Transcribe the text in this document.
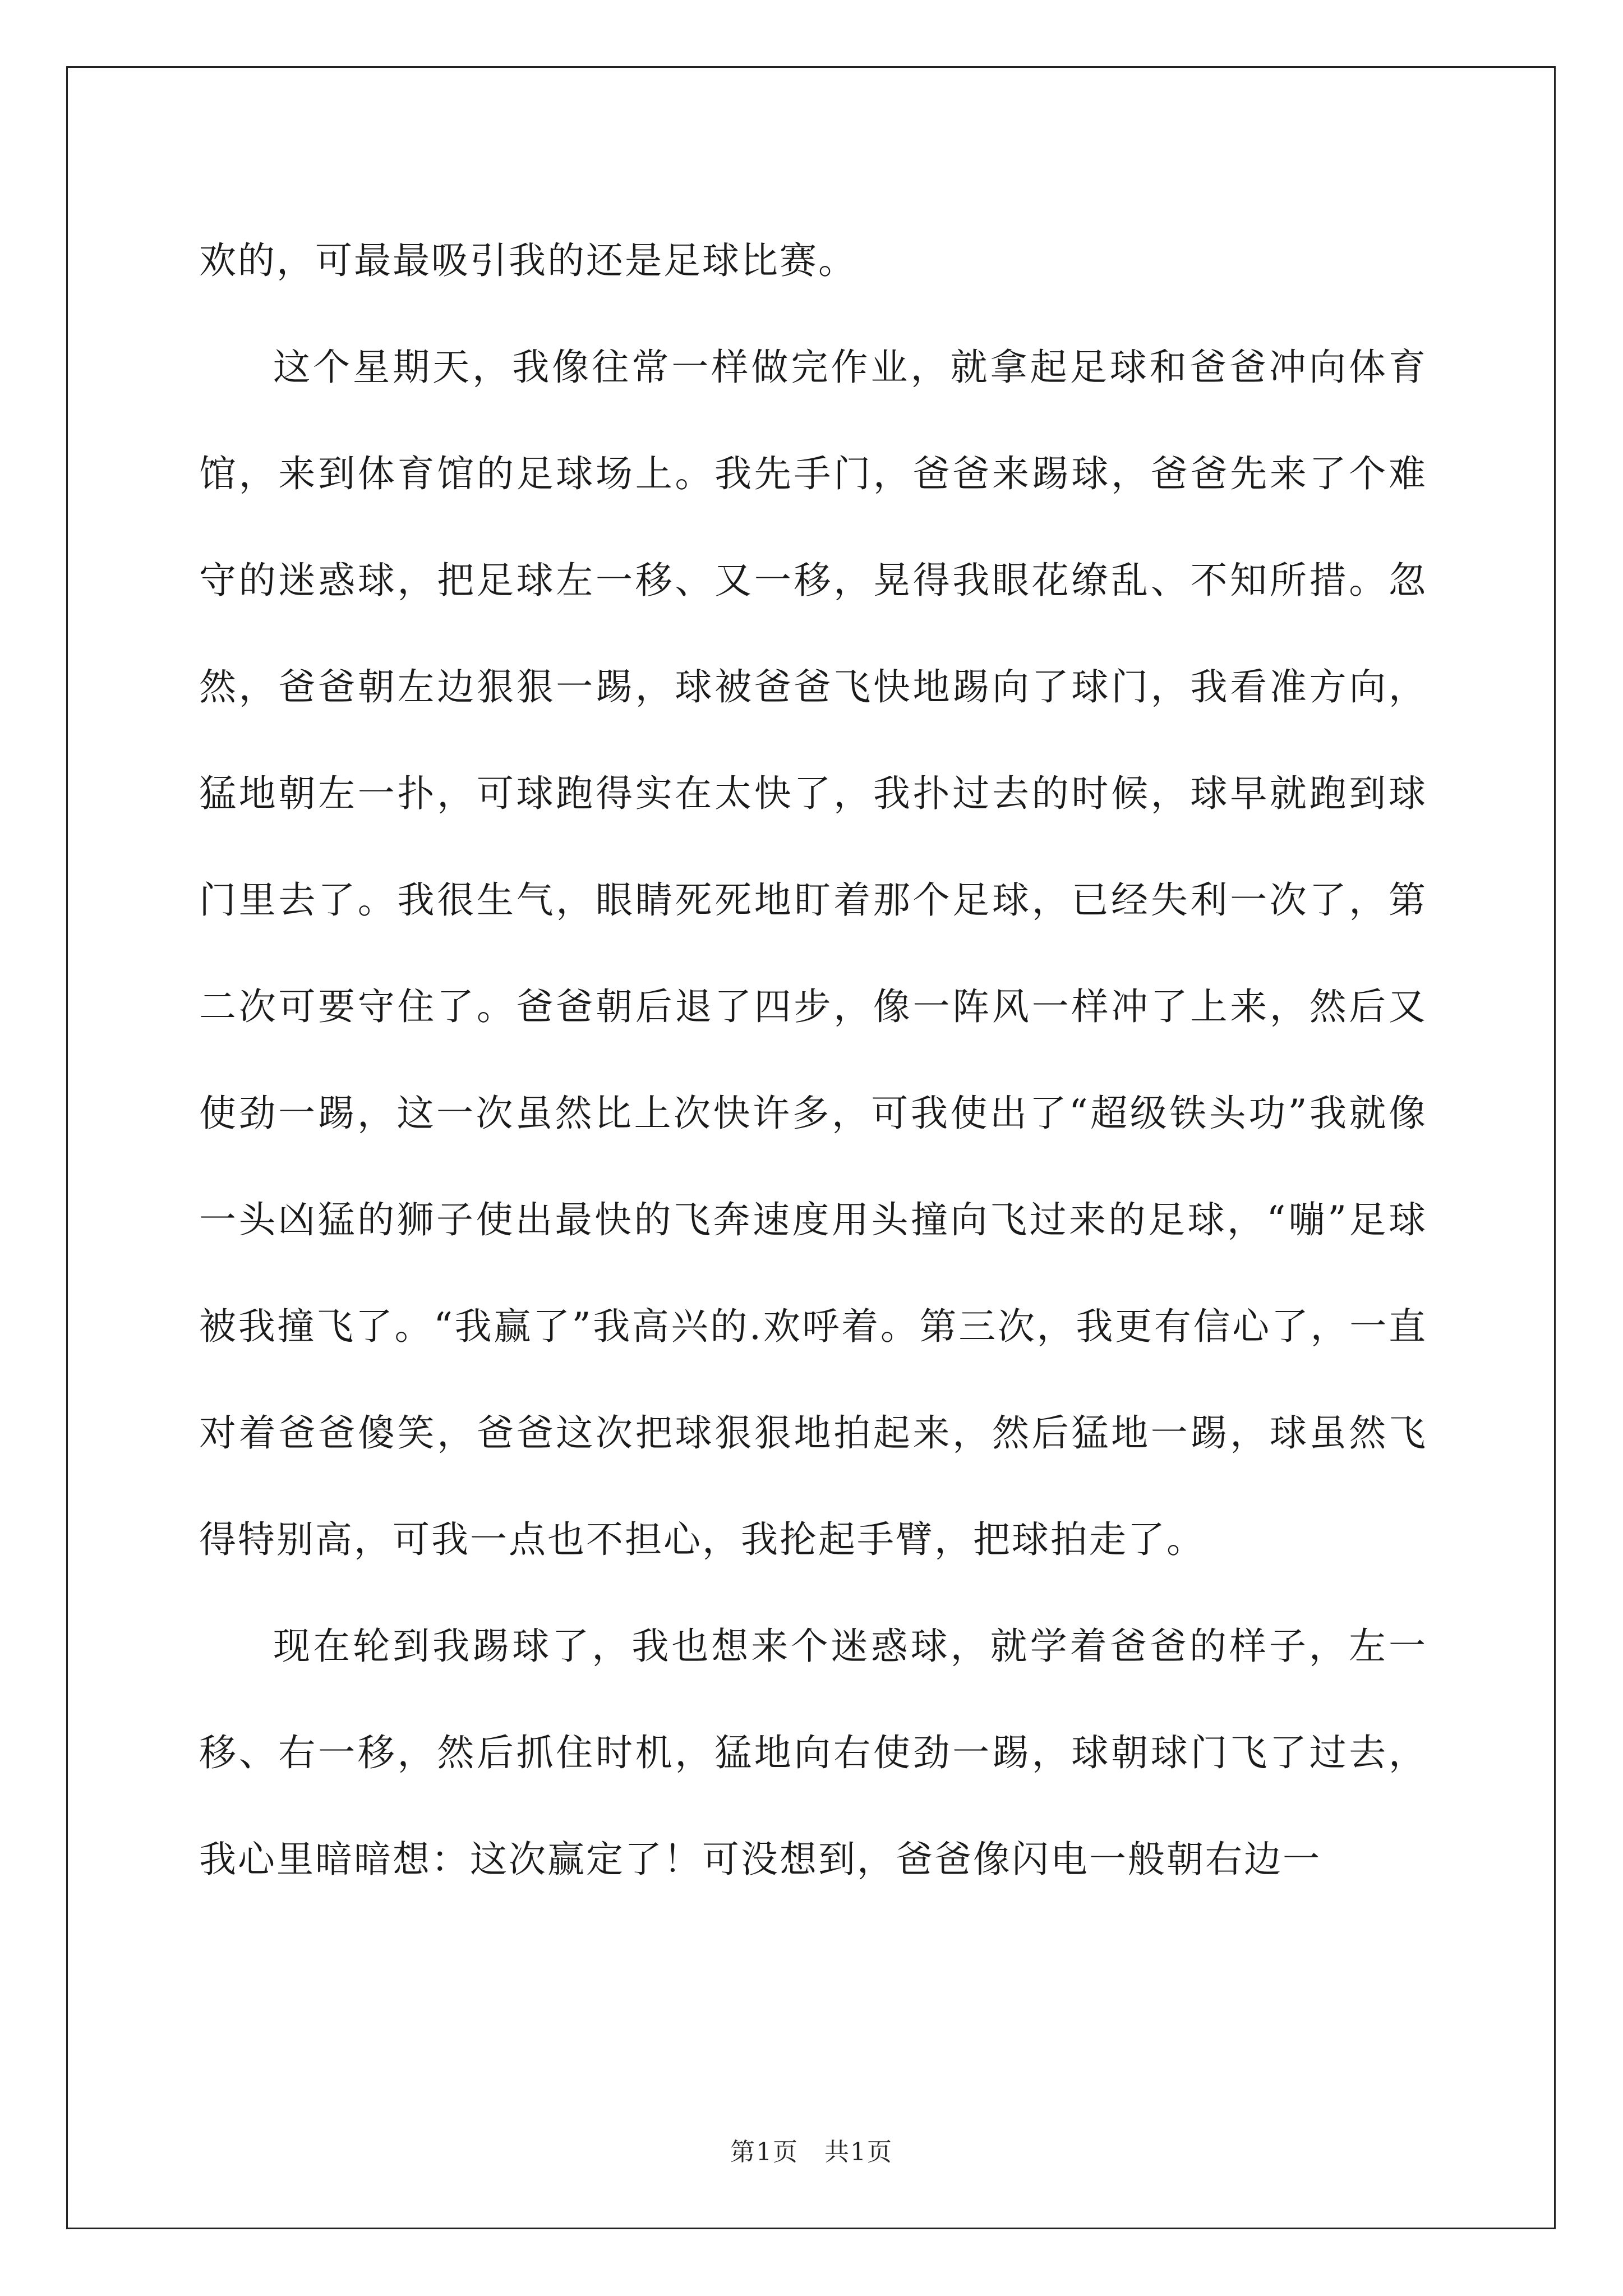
欢的，可最最吸引我的还是足球比赛。

这个星期天，我像往常一样做完作业，就拿起足球和爸爸冲向体育馆，来到体育馆的足球场上。我先手门，爸爸来踢球，爸爸先来了个难守的迷惑球，把足球左一移、又一移，晃得我眼花缭乱、不知所措。忽然，爸爸朝左边狠狠一踢，球被爸爸飞快地踢向了球门，我看准方向，猛地朝左一扑，可球跑得实在太快了，我扑过去的时候，球早就跑到球门里去了。我很生气，眼睛死死地盯着那个足球，已经失利一次了，第二次可要守住了。爸爸朝后退了四步，像一阵风一样冲了上来，然后又使劲一踢，这一次虽然比上次快许多，可我使出了“超级铁头功”我就像一头凶猛的狮子使出最快的飞奔速度用头撞向飞过来的足球，“嘣”足球被我撞飞了。“我赢了”我高兴的.欢呼着。第三次，我更有信心了，一直对着爸爸傻笑，爸爸这次把球狠狠地拍起来，然后猛地一踢，球虽然飞得特别高，可我一点也不担心，我抡起手臂，把球拍走了。

现在轮到我踢球了，我也想来个迷惑球，就学着爸爸的样子，左一移、右一移，然后抓住时机，猛地向右使劲一踢，球朝球门飞了过去，我心里暗暗想：这次赢定了！可没想到，爸爸像闪电一般朝右边一

第1页　共1页
